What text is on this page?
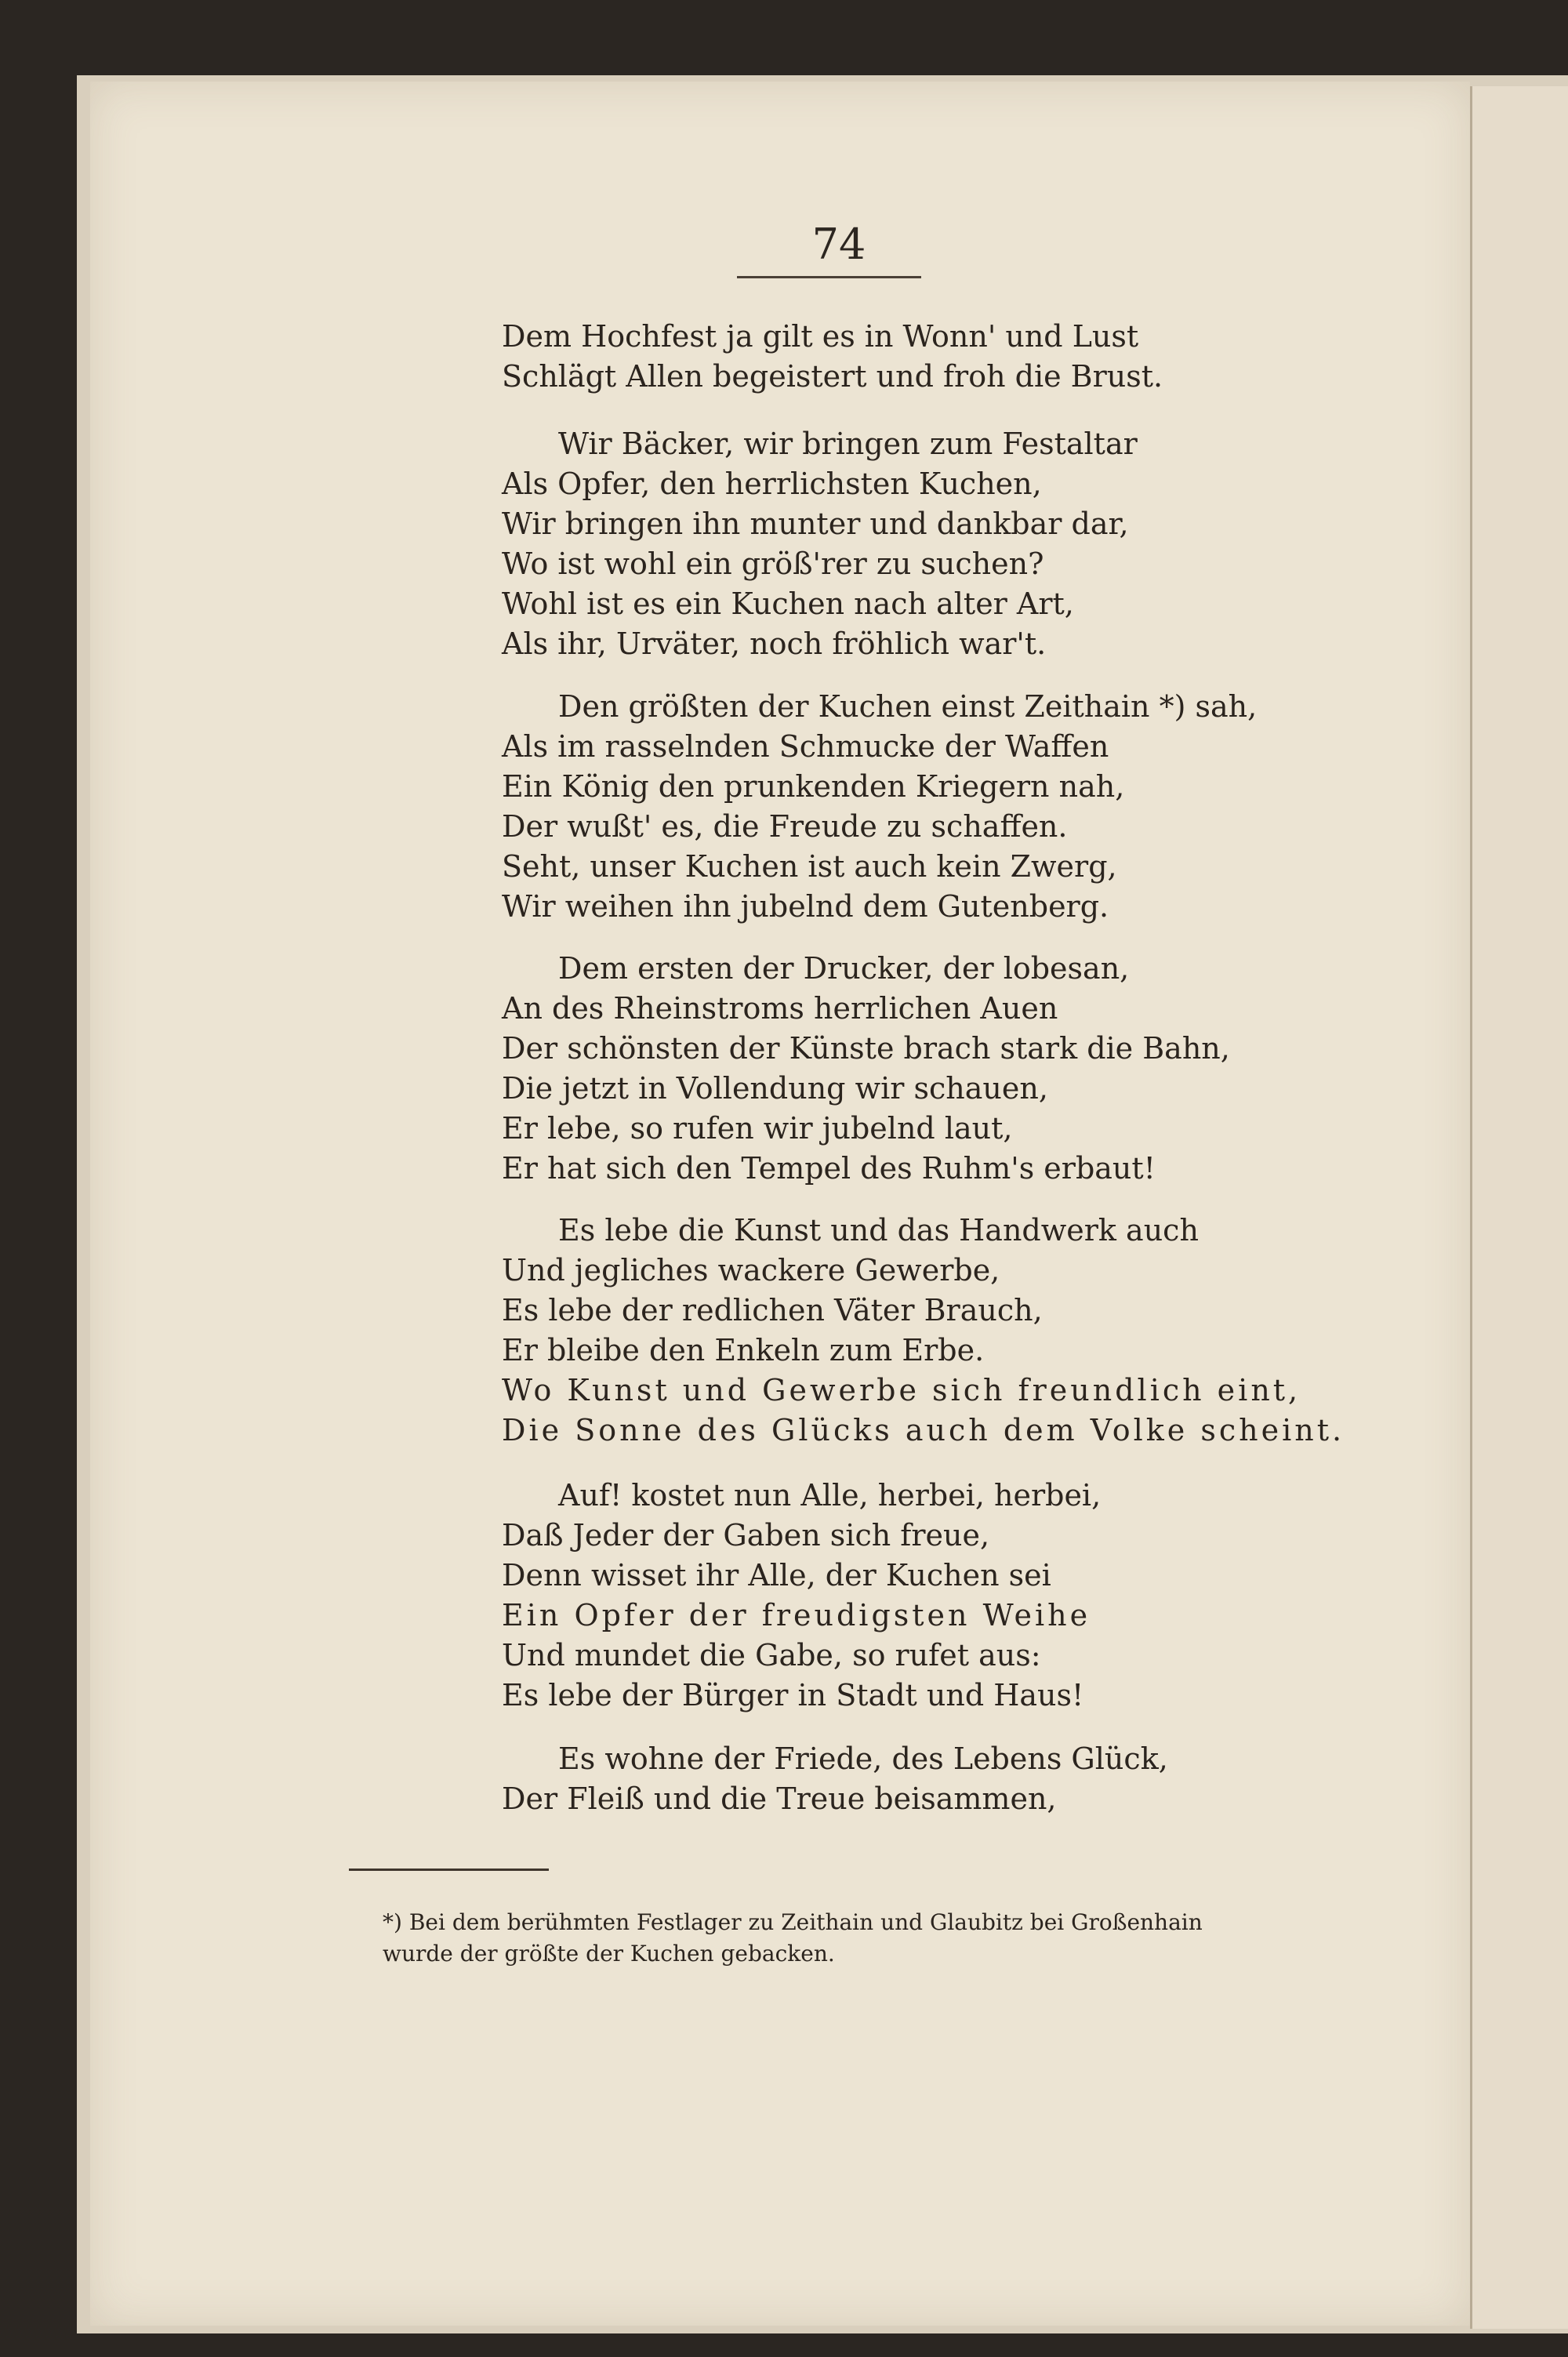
74
Dem Hochfest ja gilt es in Wonn' und Lust
Schlägt Allen begeistert und froh die Brust.
Wir Bäcker, wir bringen zum Festaltar
Als Opfer, den herrlichsten Kuchen,
Wir bringen ihn munter und dankbar dar,
Wo ist wohl ein größ'rer zu suchen?
Wohl ist es ein Kuchen nach alter Art,
Als ihr, Urväter, noch fröhlich war't.
Den größten der Kuchen einst Zeithain *) sah,
Als im rasselnden Schmucke der Waffen
Ein König den prunkenden Kriegern nah,
Der wußt' es, die Freude zu schaffen.
Seht, unser Kuchen ist auch kein Zwerg,
Wir weihen ihn jubelnd dem Gutenberg.
Dem ersten der Drucker, der lobesan,
An des Rheinstroms herrlichen Auen
Der schönsten der Künste brach stark die Bahn,
Die jetzt in Vollendung wir schauen,
Er lebe, so rufen wir jubelnd laut,
Er hat sich den Tempel des Ruhm's erbaut!
Es lebe die Kunst und das Handwerk auch
Und jegliches wackere Gewerbe,
Es lebe der redlichen Väter Brauch,
Er bleibe den Enkeln zum Erbe.
Wo Kunst und Gewerbe sich freundlich eint,
Die Sonne des Glücks auch dem Volke scheint.
Auf! kostet nun Alle, herbei, herbei,
Daß Jeder der Gaben sich freue,
Denn wisset ihr Alle, der Kuchen sei
Ein Opfer der freudigsten Weihe
Und mundet die Gabe, so rufet aus:
Es lebe der Bürger in Stadt und Haus!
Es wohne der Friede, des Lebens Glück,
Der Fleiß und die Treue beisammen,
*) Bei dem berühmten Festlager zu Zeithain und Glaubitz bei Großenhain
wurde der größte der Kuchen gebacken.
